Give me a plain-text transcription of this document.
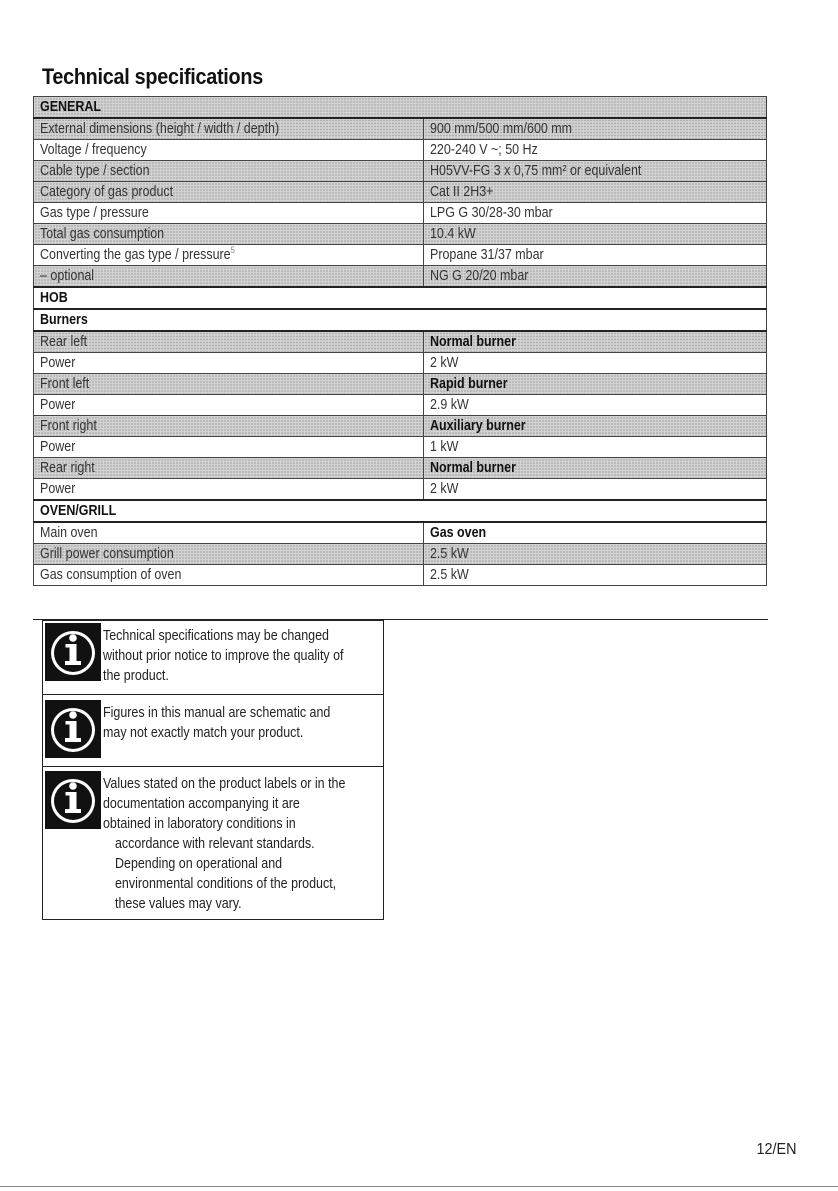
Technical specifications
GENERAL	
External dimensions (height / width / depth)	900 mm/500 mm/600 mm
Voltage / frequency	220-240 V ~; 50 Hz
Cable type / section	H05VV-FG 3 x 0,75 mm² or equivalent
Category of gas product	Cat II 2H3+
Gas type / pressure	LPG G 30/28-30 mbar
Total gas consumption	10.4 kW
Converting the gas type / pressure$^5$	Propane 31/37 mbar
– optional	NG G 20/20 mbar
HOB	
Burners	
Rear left	Normal burner
Power	2 kW
Front left	Rapid burner
Power	2.9 kW
Front right	Auxiliary burner
Power	1 kW
Rear right	Normal burner
Power	2 kW
OVEN/GRILL	
Main oven	Gas oven
Grill power consumption	2.5 kW
Gas consumption of oven	2.5 kW
Technical specifications may be changed
without prior notice to improve the quality of
the product.
Figures in this manual are schematic and
may not exactly match your product.
Values stated on the product labels or in the
documentation accompanying it are
obtained in laboratory conditions in
accordance with relevant standards.
Depending on operational and
environmental conditions of the product,
these values may vary.
12/EN
